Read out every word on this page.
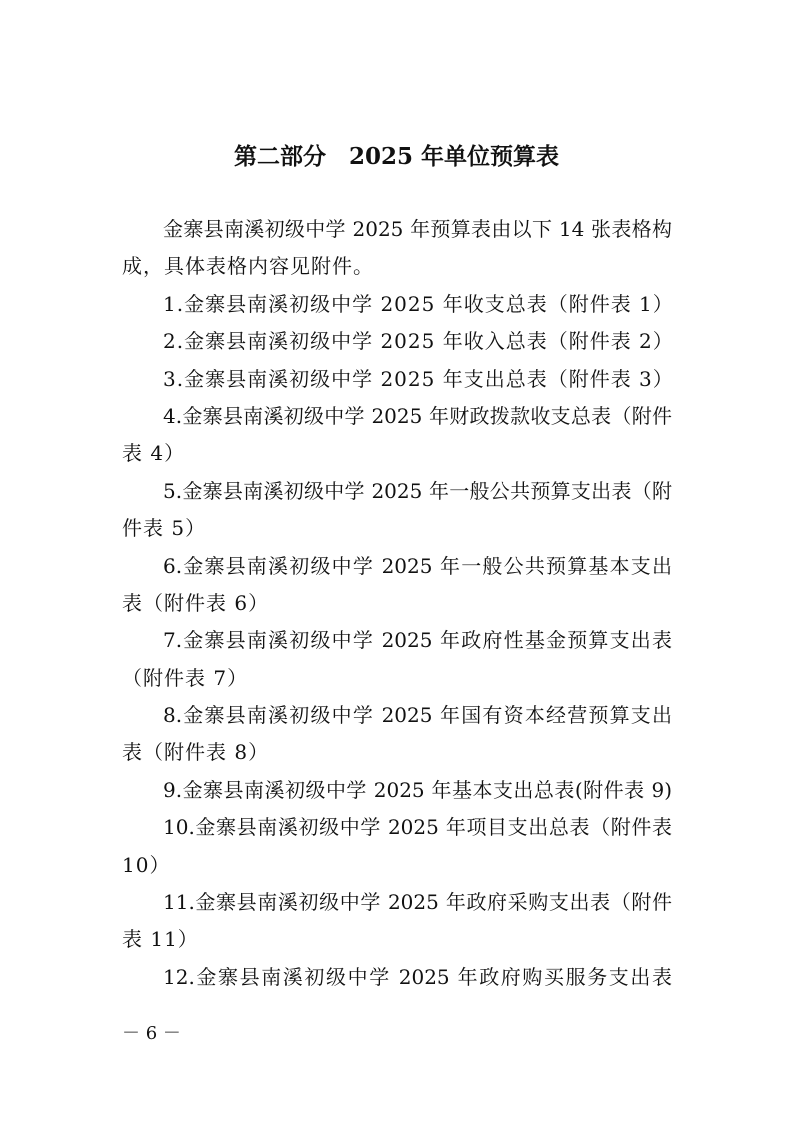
第二部分　2025 年单位预算表
金寨县南溪初级中学 2025 年预算表由以下 14 张表格构
成，具体表格内容见附件。
1.金寨县南溪初级中学 2025 年收支总表（附件表 1）
2.金寨县南溪初级中学 2025 年收入总表（附件表 2）
3.金寨县南溪初级中学 2025 年支出总表（附件表 3）
4.金寨县南溪初级中学 2025 年财政拨款收支总表（附件
表 4）
5.金寨县南溪初级中学 2025 年一般公共预算支出表（附
件表 5）
6.金寨县南溪初级中学 2025 年一般公共预算基本支出
表（附件表 6）
7.金寨县南溪初级中学 2025 年政府性基金预算支出表
（附件表 7）
8.金寨县南溪初级中学 2025 年国有资本经营预算支出
表（附件表 8）
9.金寨县南溪初级中学 2025 年基本支出总表(附件表 9)
10.金寨县南溪初级中学 2025 年项目支出总表（附件表
10）
11.金寨县南溪初级中学 2025 年政府采购支出表（附件
表 11）
12.金寨县南溪初级中学 2025 年政府购买服务支出表
－ 6 －
